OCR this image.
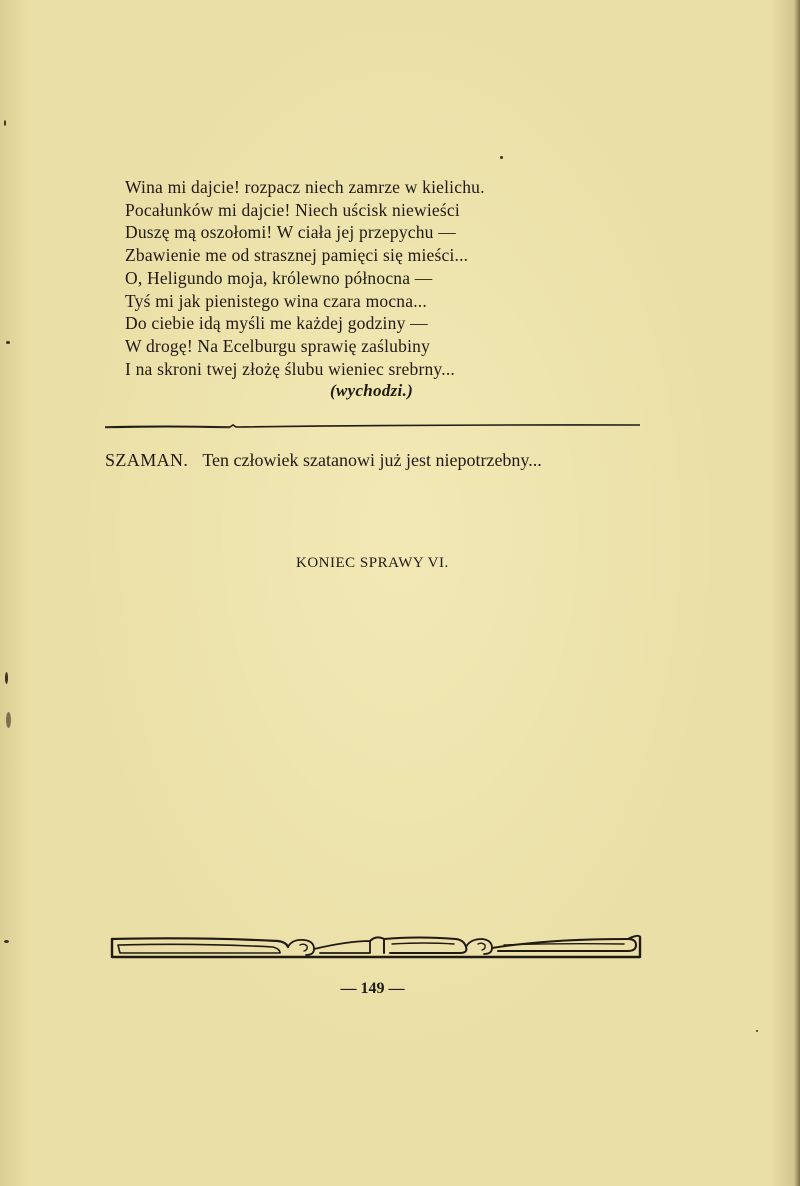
Wina mi dajcie! rozpacz niech zamrze w kielichu.
Pocałunków mi dajcie! Niech uścisk niewieści
Duszę mą oszołomi! W ciała jej przepychu —
Zbawienie me od strasznej pamięci się mieści...
O, Heligundo moja, królewno północna —
Tyś mi jak pienistego wina czara mocna...
Do ciebie idą myśli me każdej godziny —
W drogę! Na Ecelburgu sprawię zaślubiny
I na skroni twej złożę ślubu wieniec srebrny...
(wychodzi.)
SZAMAN. Ten człowiek szatanowi już jest niepotrzebny...
KONIEC SPRAWY VI.
— 149 —
